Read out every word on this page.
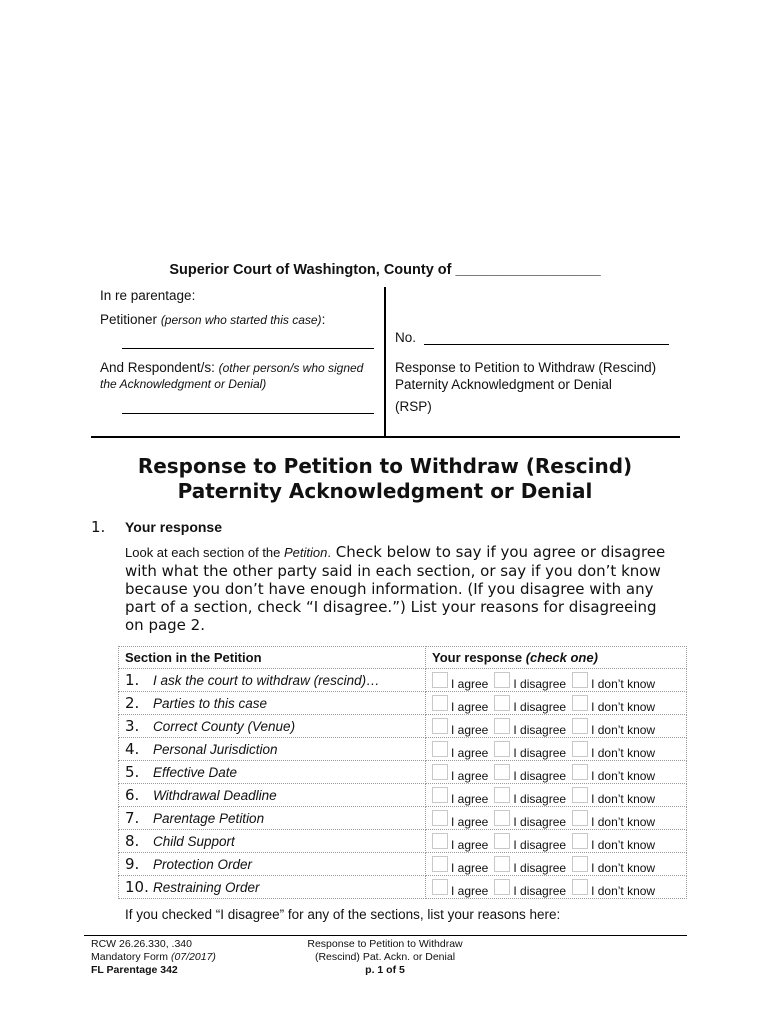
Superior Court of Washington, County of __________________
In re parentage:
Petitioner (person who started this case):
And Respondent/s: (other person/s who signed the Acknowledgment or Denial)
No.
Response to Petition to Withdraw (Rescind)
Paternity Acknowledgment or Denial
(RSP)
Response to Petition to Withdraw (Rescind)
Paternity Acknowledgment or Denial
1. Your response
Look at each section of the Petition. Check below to say if you agree or disagree with what the other party said in each section, or say if you don’t know because you don’t have enough information. (If you disagree with any part of a section, check “I disagree.”) List your reasons for disagreeing on page 2.
Section in the Petition	Your response (check one)
1. I ask the court to withdraw (rescind)…	I agree I disagree I don’t know
2. Parties to this case	I agree I disagree I don’t know
3. Correct County (Venue)	I agree I disagree I don’t know
4. Personal Jurisdiction	I agree I disagree I don’t know
5. Effective Date	I agree I disagree I don’t know
6. Withdrawal Deadline	I agree I disagree I don’t know
7. Parentage Petition	I agree I disagree I don’t know
8. Child Support	I agree I disagree I don’t know
9. Protection Order	I agree I disagree I don’t know
10. Restraining Order	I agree I disagree I don’t know
If you checked “I disagree” for any of the sections, list your reasons here:
RCW 26.26.330, .340
Mandatory Form (07/2017)
FL Parentage 342
Response to Petition to Withdraw
(Rescind) Pat. Ackn. or Denial
p. 1 of 5
